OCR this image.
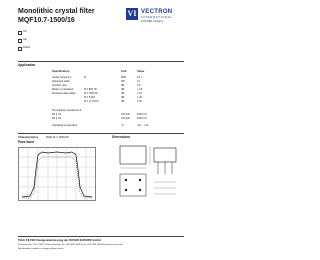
Monolithic crystal filter
MQF10.7-1500/16
VI VECTRON
INTERNATIONAL
A DOVER company
UK
CE
RoHS
Application
Specification	Unit	Value
Center frequency	f0	MHz	10.7
Passband width	kHz	±1
Insertion loss	dB	3.5
Ripple in passband	f0 ± 800 Hz	dB	≤ 2.5
Stopband attenuation	f0 ± 1500 Hz	dB	≥ 10
f0 ± 5 kHz	dB	≥ 40
f0 ± 17.5 kHz	dB	≥ 60
Terminating impedances Z
R1 || C1	Ohm/pF	1500 || 6
R2 || C2	Ohm/pF	1500 || 6
Operating temperature	°C	-20 ... +70
Characteristics	MQF10.7-1500/16
Pass band
Dimensions
TELE FILTER Zweigniederlassung der DOVER EUROPE GmbH
Potsdamer Str. 18 D-14513 Teltow Germany Tel. +49 3328 4784-0 Fax +49 3328 4784-30 www.vectron.com
Specifications subject to change without notice.
